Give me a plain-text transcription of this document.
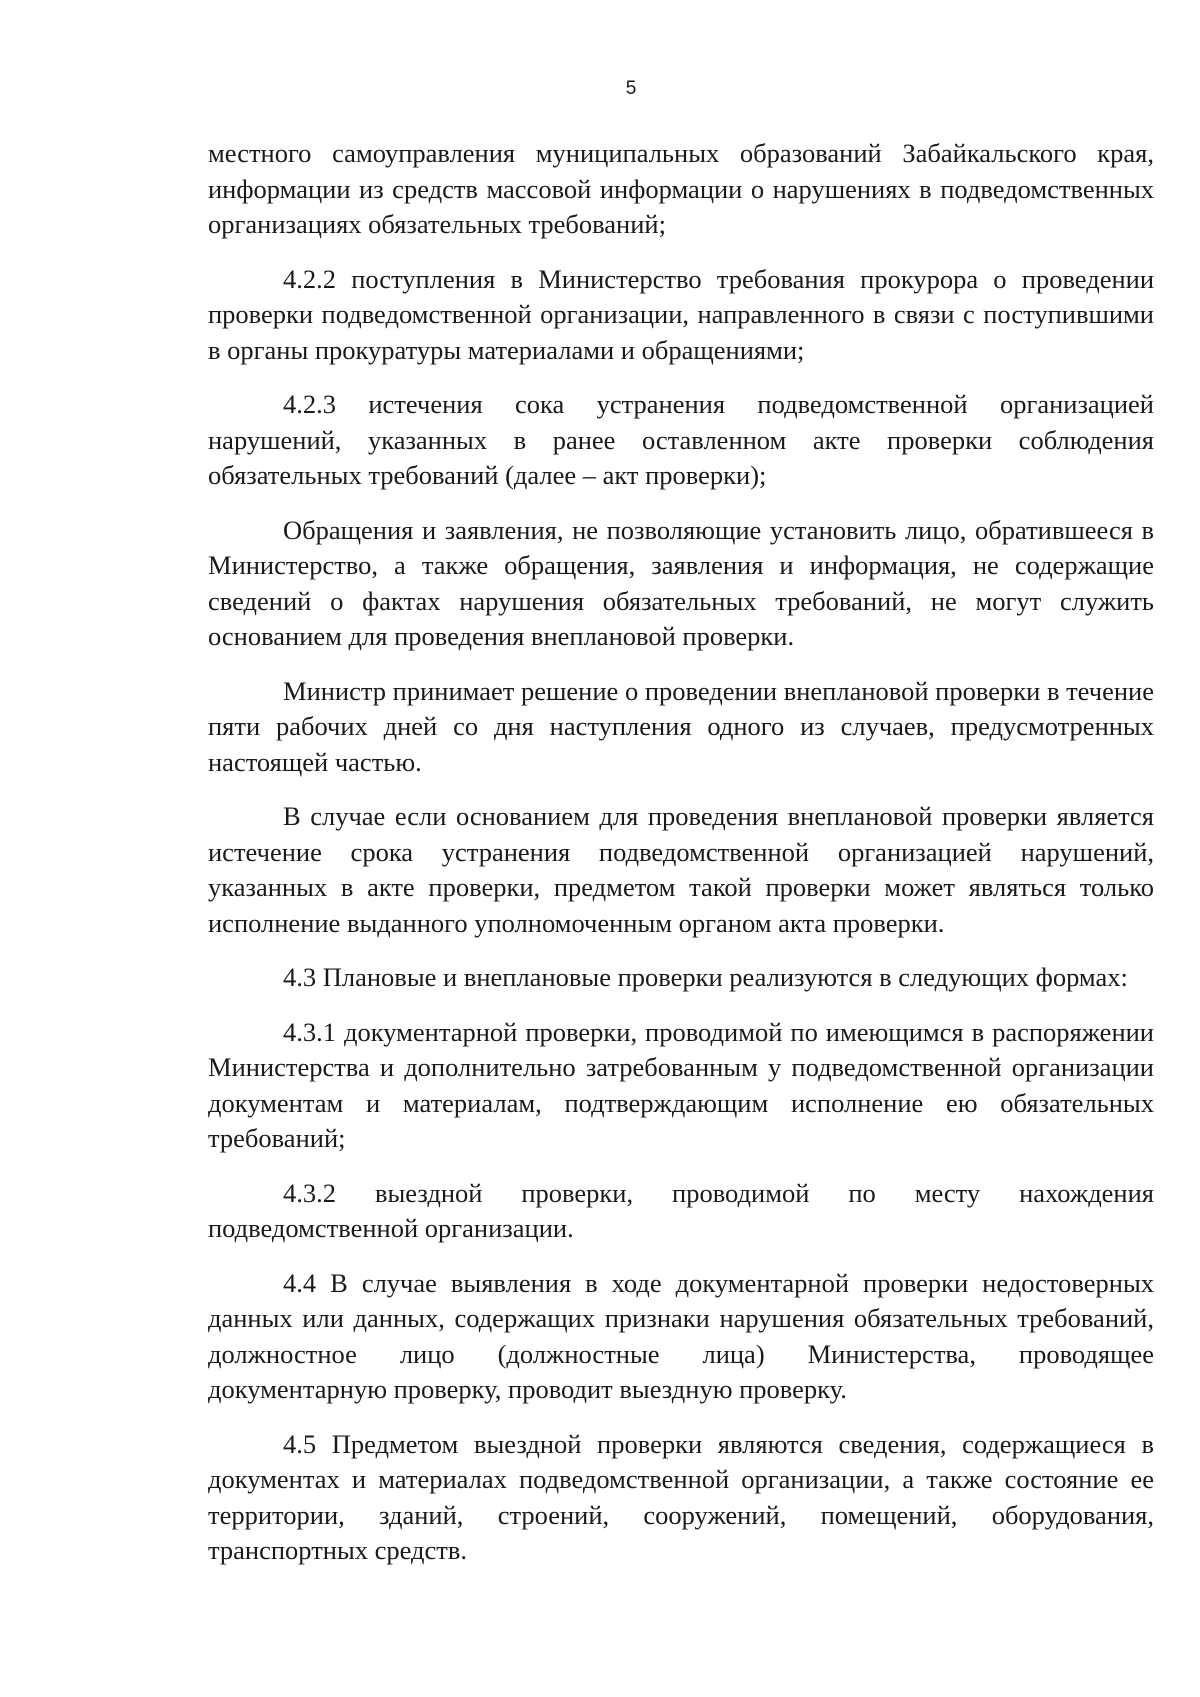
5

местного самоуправления муниципальных образований Забайкальского края, информации из средств массовой информации о нарушениях в подведомственных организациях обязательных требований;

4.2.2 поступления в Министерство требования прокурора о проведении проверки подведомственной организации, направленного в связи с поступившими в органы прокуратуры материалами и обращениями;

4.2.3 истечения сока устранения подведомственной организацией нарушений, указанных в ранее оставленном акте проверки соблюдения обязательных требований (далее – акт проверки);

Обращения и заявления, не позволяющие установить лицо, обратившееся в Министерство, а также обращения, заявления и информация, не содержащие сведений о фактах нарушения обязательных требований, не могут служить основанием для проведения внеплановой проверки.

Министр принимает решение о проведении внеплановой проверки в течение пяти рабочих дней со дня наступления одного из случаев, предусмотренных настоящей частью.

В случае если основанием для проведения внеплановой проверки является истечение срока устранения подведомственной организацией нарушений, указанных в акте проверки, предметом такой проверки может являться только исполнение выданного уполномоченным органом акта проверки.

4.3 Плановые и внеплановые проверки реализуются в следующих формах:

4.3.1 документарной проверки, проводимой по имеющимся в распоряжении Министерства и дополнительно затребованным у подведомственной организации документам и материалам, подтверждающим исполнение ею обязательных требований;

4.3.2 выездной проверки, проводимой по месту нахождения подведомственной организации.

4.4 В случае выявления в ходе документарной проверки недостоверных данных или данных, содержащих признаки нарушения обязательных требований, должностное лицо (должностные лица) Министерства, проводящее документарную проверку, проводит выездную проверку.

4.5 Предметом выездной проверки являются сведения, содержащиеся в документах и материалах подведомственной организации, а также состояние ее территории, зданий, строений, сооружений, помещений, оборудования, транспортных средств.
